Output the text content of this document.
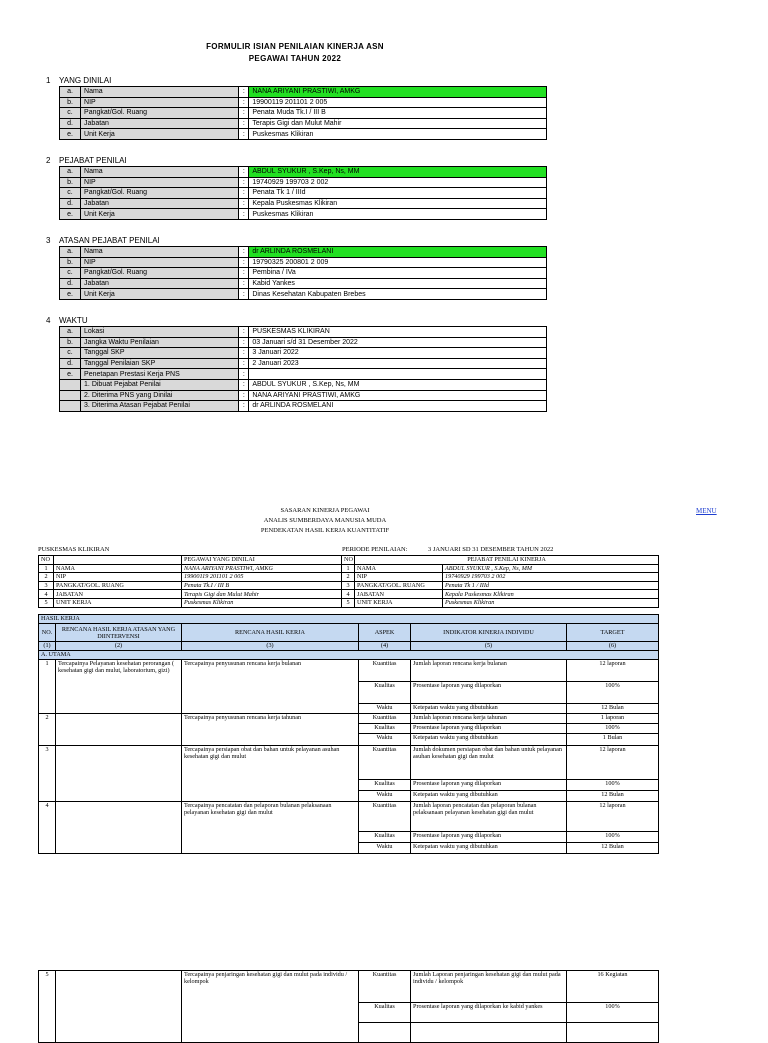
FORMULIR ISIAN PENILAIAN KINERJA ASN
PEGAWAI TAHUN 2022
1 YANG DINILAI
a.	Nama	:	NANA ARIYANI PRASTIWI, AMKG
b.	NIP	:	19900119 201101 2 005
c.	Pangkat/Gol. Ruang	:	Penata Muda Tk.I / III B
d.	Jabatan	:	Terapis Gigi dan Mulut Mahir
e.	Unit Kerja	:	Puskesmas Klikiran
2 PEJABAT PENILAI
a.	Nama	:	ABDUL SYUKUR , S.Kep, Ns, MM
b.	NIP	:	19740929 199703 2 002
c.	Pangkat/Gol. Ruang	:	Penata Tk 1 / IIId
d.	Jabatan	:	Kepala Puskesmas Klikiran
e.	Unit Kerja	:	Puskesmas Klikiran
3 ATASAN PEJABAT PENILAI
a.	Nama	:	dr ARLINDA ROSMELANI
b.	NIP	:	19790325 200801 2 009
c.	Pangkat/Gol. Ruang	:	Pembina / IVa
d.	Jabatan	:	Kabid Yankes
e.	Unit Kerja	:	Dinas Kesehatan Kabupaten Brebes
4 WAKTU
a.	Lokasi	:	PUSKESMAS KLIKIRAN
b.	Jangka Waktu Penilaian	:	03 Januari s/d 31 Desember 2022
c.	Tanggal SKP	:	3 Januari 2022
d.	Tanggal Penilaian SKP	:	2 Januari 2023
e.	Penetapan Prestasi Kerja PNS	:	
	1. Dibuat Pejabat Penilai	:	ABDUL SYUKUR , S.Kep, Ns, MM
	2. Diterima PNS yang Dinilai	:	NANA ARIYANI PRASTIWI, AMKG
	3. Diterima Atasan Pejabat Penilai	:	dr ARLINDA ROSMELANI
SASARAN KINERJA PEGAWAI
ANALIS SUMBERDAYA MANUSIA MUDA
PENDEKATAN HASIL KERJA KUANTITATIF
MENU
PUSKESMAS KLIKIRAN	PERIODE PENILAIAN:	3 JANUARI SD 31 DESEMBER TAHUN 2022
NO		PEGAWAI YANG DINILAI	NO	PEJABAT PENILAI KINERJA	
1	NAMA	NANA ARIYANI PRASTIWI, AMKG	1	NAMA	ABDUL SYUKUR , S.Kep, Ns, MM
2	NIP	19900119 201101 2 005	2	NIP	19740929 199703 2 002
3	PANGKAT/GOL. RUANG	Penata Tk.I / III B	3	PANGKAT/GOL. RUANG	Penata Tk 1 / IIId
4	JABATAN	Terapis Gigi dan Mulut Mahir	4	JABATAN	Kepala Puskesmas Klikiran
5	UNIT KERJA	Puskesmas Klikiran	5	UNIT KERJA	Puskesmas Klikiran
HASIL KERJA					
NO.	RENCANA HASIL KERJA ATASAN YANG DIINTERVENSI	RENCANA HASIL KERJA	ASPEK	INDIKATOR KINERJA INDIVIDU	TARGET
(1)	(2)	(3)	(4)	(5)	(6)
A. UTAMA					
1	Tercapainya Pelayanan kesehatan perorangan ( kesehatan gigi dan mulut, laboratorium, gizi)	Tercapainya penyusunan rencana kerja bulanan	Kuantitas	Jumlah laporan rencana kerja bulanan	12 laporan
			Kualitas	Prosentase laporan yang dilaporkan	100%
			Waktu	Ketepatan waktu yang dibutuhkan	12 Bulan
2		Tercapainya penyusunan rencana kerja tahunan	Kuantitas	Jumlah laporan rencana kerja tahunan	1 laporan
			Kualitas	Prosentase laporan yang dilaporkan	100%
			Waktu	Ketepatan waktu yang dibutuhkan	1 Bulan
3		Tercapainya persiapan obat dan bahan untuk pelayanan asuhan kesehatan gigi dan mulut	Kuantitas	Jumlah dokumen persiapan obat dan bahan untuk pelayanan asuhan kesehatan gigi dan mulut	12 laporan
			Kualitas	Prosentase laporan yang dilaporkan	100%
			Waktu	Ketepatan waktu yang dibutuhkan	12 Bulan
4		Tercapainya pencatatan dan pelaporan bulanan pelaksanaan pelayanan kesehatan gigi dan mulut	Kuantitas	Jumlah laporan pencatatan dan pelaporan bulanan pelaksanaan pelayanan kesehatan gigi dan mulut	12 laporan
			Kualitas	Prosentase laporan yang dilaporkan	100%
			Waktu	Ketepatan waktu yang dibutuhkan	12 Bulan
5		Tercapainya penjaringan kesehatan gigi dan mulut pada individu / kelompok	Kuantitas	Jumlah Laporan penjaringan kesehatan gigi dan mulut pada individu / kelompok	16 Kegiatan
			Kualitas	Prosentase laporan yang dilaporkan ke kabid yankes	100%
